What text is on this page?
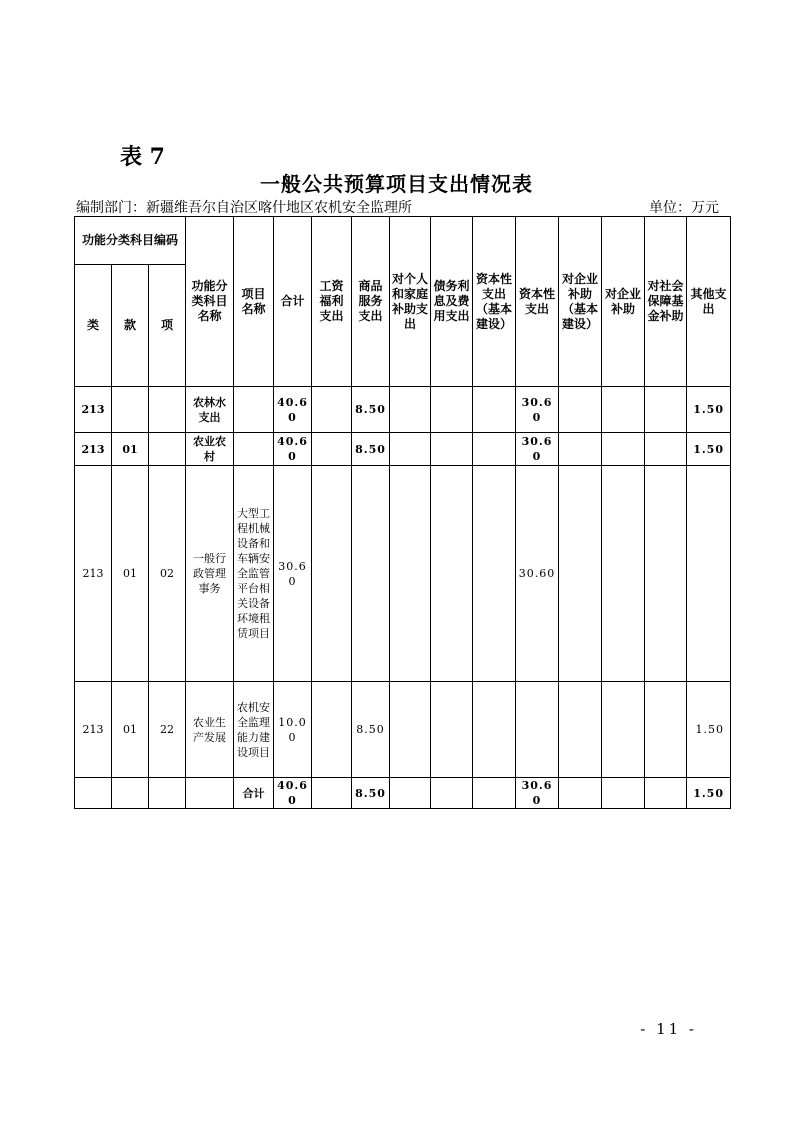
表 7
一般公共预算项目支出情况表
编制部门：新疆维吾尔自治区喀什地区农机安全监理所	单位：万元
功能分类科目编码			功能分类科目名称	项目名称	合计	工资福利支出	商品服务支出	对个人和家庭补助支出	债务利息及费用支出	资本性支出（基本建设）	资本性支出	对企业补助（基本建设）	对企业补助	对社会保障基金补助	其他支出
类	款	项													
213			农林水支出		40.60		8.50				30.60				1.50
213	01		农业农村		40.60		8.50				30.60				1.50
213	01	02	一般行政管理事务	大型工程机械设备和车辆安全监管平台相关设备环境租赁项目	30.60						30.60				
213	01	22	农业生产发展	农机安全监理能力建设项目	10.00		8.50								1.50
				合计	40.60		8.50				30.60				1.50
- 11 -
